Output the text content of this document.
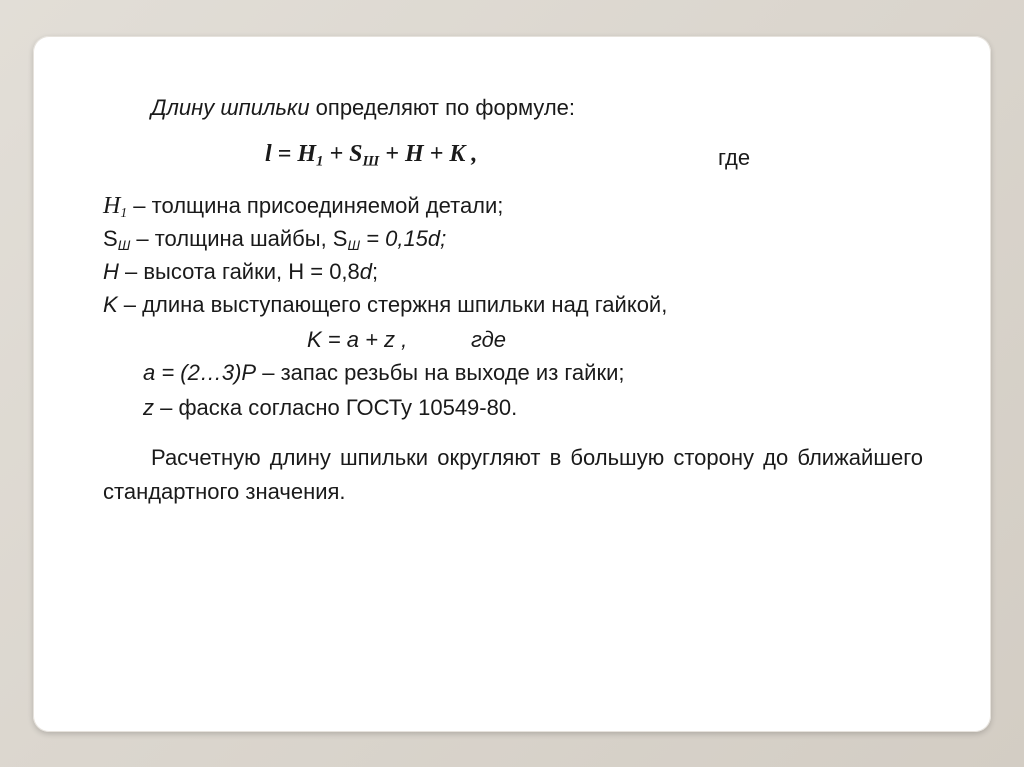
Длину шпильки определяют по формуле:
$l = H_1 + S_Ш + H + K$ ,	где
$H_1$ – толщина присоединяемой детали;
$S_Ш$ – толщина шайбы, $S_Ш = 0,15d$;
H – высота гайки, Н = 0,8d;
K – длина выступающего стержня шпильки над гайкой,
K = a + z ,	где
a = (2…3)P – запас резьбы на выходе из гайки;
z – фаска согласно ГОСТу 10549-80.
Расчетную длину шпильки округляют в большую сторону до ближайшего стандартного значения.
